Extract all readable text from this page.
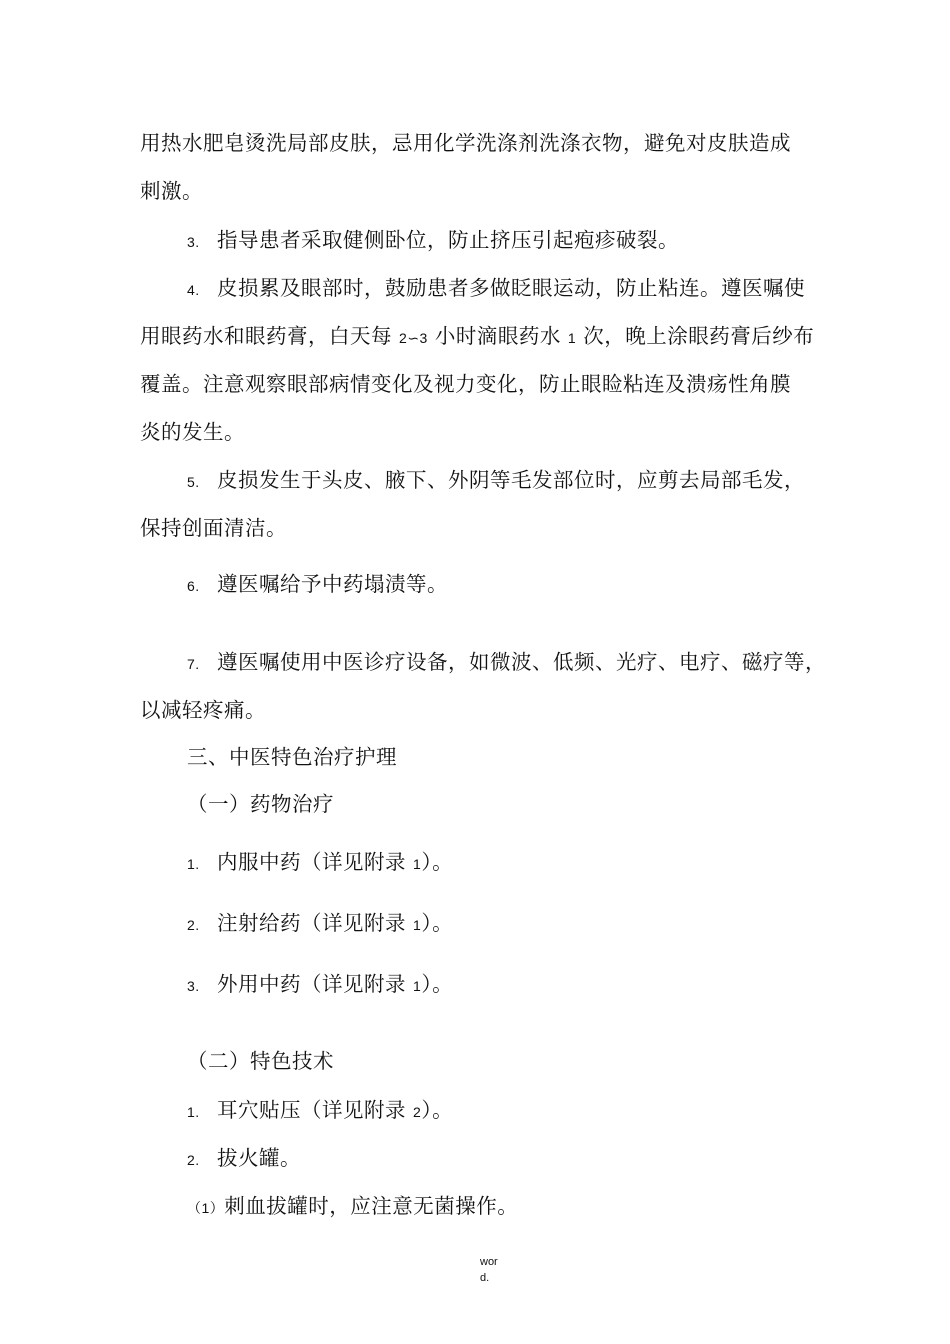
用热水肥皂烫洗局部皮肤，忌用化学洗涤剂洗涤衣物，避免对皮肤造成
刺激。
3. 指导患者采取健侧卧位，防止挤压引起疱疹破裂。
4. 皮损累及眼部时，鼓励患者多做眨眼运动，防止粘连。遵医嘱使
用眼药水和眼药膏，白天每 2∽3 小时滴眼药水 1 次，晚上涂眼药膏后纱布
覆盖。注意观察眼部病情变化及视力变化，防止眼睑粘连及溃疡性角膜
炎的发生。
5. 皮损发生于头皮、腋下、外阴等毛发部位时，应剪去局部毛发，
保持创面清洁。
6. 遵医嘱给予中药塌渍等。
7. 遵医嘱使用中医诊疗设备，如微波、低频、光疗、电疗、磁疗等，
以减轻疼痛。
三、中医特色治疗护理
（一）药物治疗
1. 内服中药（详见附录 1）。
2. 注射给药（详见附录 1）。
3. 外用中药（详见附录 1）。
（二）特色技术
1. 耳穴贴压（详见附录 2）。
2. 拔火罐。
（1）刺血拔罐时，应注意无菌操作。
wor
d.
